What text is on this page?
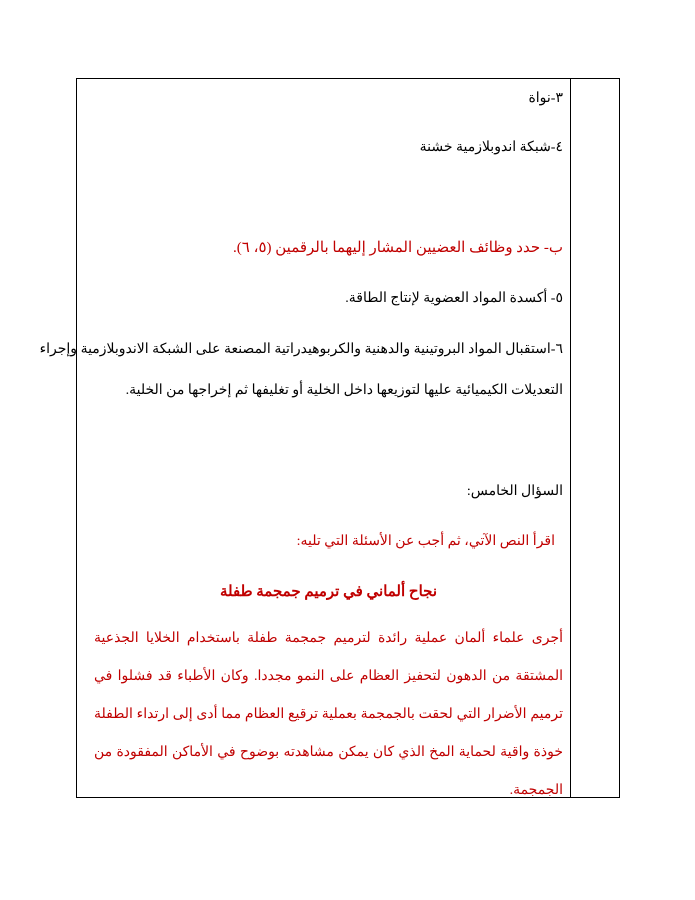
٣-نواة
٤-شبكة اندوبلازمية خشنة
ب- حدد وظائف العضيين المشار إليهما بالرقمين (٥، ٦).
٥- أكسدة المواد العضوية لإنتاج الطاقة.
٦-استقبال المواد البروتينية والدهنية والكربوهيدراتية المصنعة على الشبكة الاندوبلازمية وإجراء
التعديلات الكيميائية عليها لتوزيعها داخل الخلية أو تغليفها ثم إخراجها من الخلية.
السؤال الخامس:
اقرأ النص الآتي، ثم أجب عن الأسئلة التي تليه:
نجاح ألماني في ترميم جمجمة طفلة
أجرى علماء ألمان عملية رائدة لترميم جمجمة طفلة باستخدام الخلايا الجذعية المشتقة من الدهون لتحفيز العظام على النمو مجددا. وكان الأطباء قد فشلوا في ترميم الأضرار التي لحقت بالجمجمة بعملية ترقيع العظام مما أدى إلى ارتداء الطفلة خوذة واقية لحماية المخ الذي كان يمكن مشاهدته بوضوح في الأماكن المفقودة من الجمجمة.
